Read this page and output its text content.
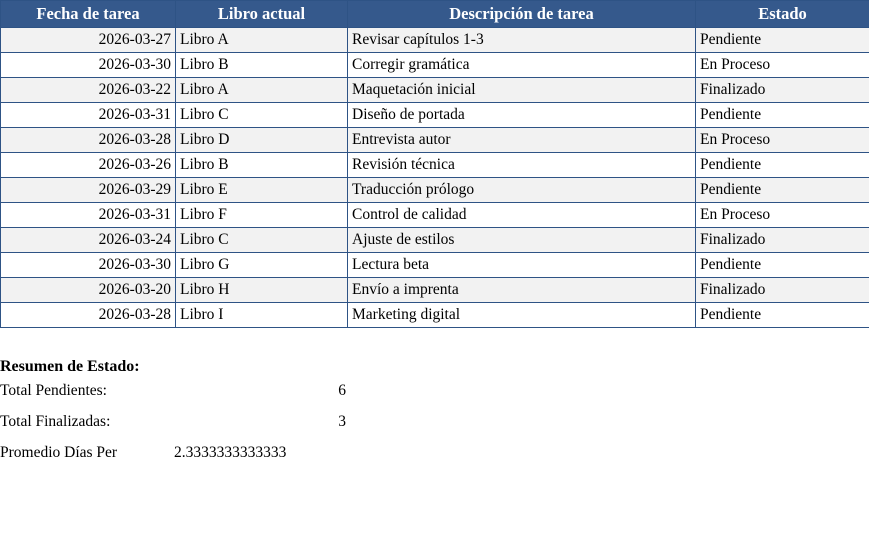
Fecha de tarea	Libro actual	Descripción de tarea	Estado
2026-03-27	Libro A	Revisar capítulos 1-3	Pendiente
2026-03-30	Libro B	Corregir gramática	En Proceso
2026-03-22	Libro A	Maquetación inicial	Finalizado
2026-03-31	Libro C	Diseño de portada	Pendiente
2026-03-28	Libro D	Entrevista autor	En Proceso
2026-03-26	Libro B	Revisión técnica	Pendiente
2026-03-29	Libro E	Traducción prólogo	Pendiente
2026-03-31	Libro F	Control de calidad	En Proceso
2026-03-24	Libro C	Ajuste de estilos	Finalizado
2026-03-30	Libro G	Lectura beta	Pendiente
2026-03-20	Libro H	Envío a imprenta	Finalizado
2026-03-28	Libro I	Marketing digital	Pendiente
Resumen de Estado:
Total Pendientes:	6
Total Finalizadas:	3
Promedio Días Per	2.3333333333333
